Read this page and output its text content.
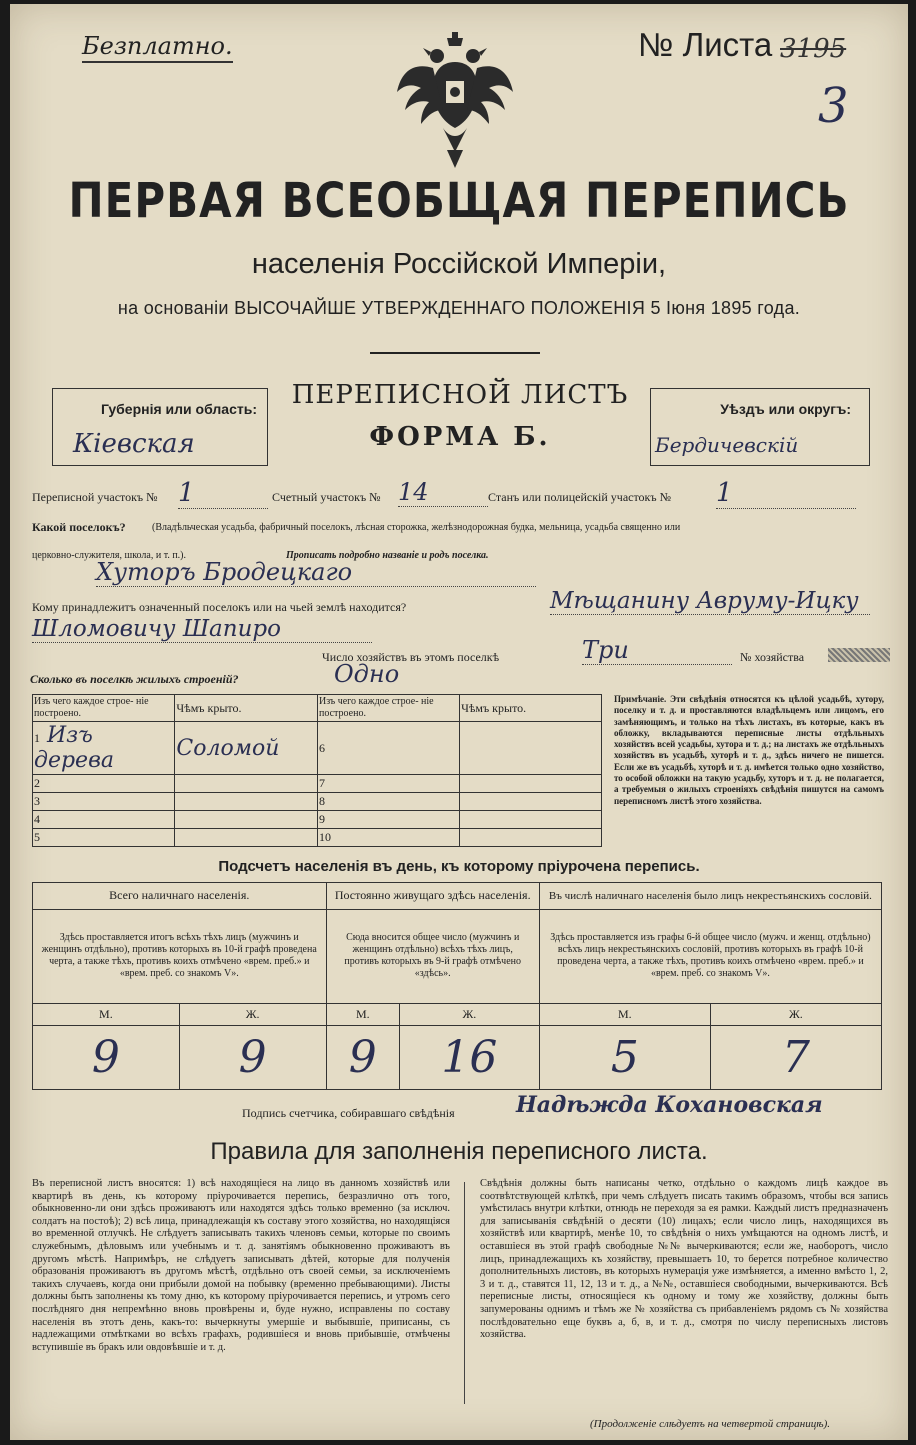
Безплатно.	№ Листа 3195
3
ПЕРВАЯ ВСЕОБЩАЯ ПЕРЕПИСЬ
населенія Россійской Имперіи,
на основаніи ВЫСОЧАЙШЕ УТВЕРЖДЕННАГО ПОЛОЖЕНІЯ 5 Іюня 1895 года.
Губернія или область:
Кіевская
ПЕРЕПИСНОЙ ЛИСТЪ
ФОРМА Б.
Уѣздъ или округъ:
Бердичевскій
Переписной участокъ № 1	Счетный участокъ № 14	Станъ или полицейскій участокъ № 1
Какой поселокъ?	(Владѣльческая усадьба, фабричный поселокъ, лѣсная сторожка, желѣзнодорожная будка, мельница, усадьба священно или
церковно-служителя, школа, и т. п.).	Прописать подробно названіе и родъ поселка.
Хуторъ Бродецкаго
Кому принадлежитъ означенный поселокъ или на чьей землѣ находится?	Мѣщанину Авруму-Ицку
Шломовичу Шапиро
Число хозяйствъ въ этомъ поселкѣ	Три	№ хозяйства
Сколько въ поселкѣ жилыхъ строеній?	Одно
Изъ чего каждое строе- ніе построено.	Чѣмъ крыто.	Изъ чего каждое строе- ніе построено.	Чѣмъ крыто.
1 Изъ дерева	Соломой	6	
2		7	
3		8	
4		9	
5		10	
Примѣчаніе. Эти свѣдѣнія относятся къ цѣлой усадьбѣ, хутору, поселку и т. д. и проставляются владѣльцемъ или лицомъ, его замѣняющимъ, и только на тѣхъ листахъ, въ которые, какъ въ обложку, вкладываются переписные листы отдѣльныхъ хозяйствъ всей усадьбы, хутора и т. д.; на листахъ же отдѣльныхъ хозяйствъ въ усадьбѣ, хуторѣ и т. д., здѣсь ничего не пишется. Если же въ усадьбѣ, хуторѣ и т. д. имѣется только одно хозяйство, то особой обложки на такую усадьбу, хуторъ и т. д. не полагается, а требуемыя о жилыхъ строеніяхъ свѣдѣнія пишутся на самомъ переписномъ листѣ этого хозяйства.
Подсчетъ населенія въ день, къ которому пріурочена перепись.
Всего наличнаго населенія.		Постоянно живущаго здѣсь населенія.		Въ числѣ наличнаго населенія было лицъ некрестьянскихъ сословій.	
Здѣсь проставляется итогъ всѣхъ тѣхъ лицъ (мужчинъ и женщинъ отдѣльно), противъ которыхъ въ 10-й графѣ проведена черта, а также тѣхъ, противъ коихъ отмѣчено «врем. преб.» и «врем. преб. со знакомъ V».		Сюда вносится общее число (мужчинъ и женщинъ отдѣльно) всѣхъ тѣхъ лицъ, противъ которыхъ въ 9-й графѣ отмѣчено «здѣсь».		Здѣсь проставляется изъ графы 6-й общее число (мужч. и женщ. отдѣльно) всѣхъ лицъ некрестьянскихъ сословій, противъ которыхъ въ графѣ 10-й проведена черта, а также тѣхъ, противъ коихъ отмѣчено «врем. преб.» и «врем. преб. со знакомъ V».	
М.	Ж.	М.	Ж.	М.	Ж.
9	9	9	16	5	7
Подпись счетчика, собиравшаго свѣдѣнія	Надѣжда Кохановская
Правила для заполненія переписного листа.
Въ переписной листъ вносятся: 1) всѣ находящіеся на лицо въ данномъ хозяйствѣ или квартирѣ въ день, къ которому пріурочивается перепись, безразлично отъ того, обыкновенно-ли они здѣсь проживаютъ или находятся здѣсь только временно (за исключ. солдатъ на постоѣ); 2) всѣ лица, принадлежащія къ составу этого хозяйства, но находящіяся во временной отлучкѣ. Не слѣдуетъ записывать такихъ членовъ семьи, которые по своимъ служебнымъ, дѣловымъ или учебнымъ и т. д. занятіямъ обыкновенно проживаютъ въ другомъ мѣстѣ. Напримѣръ, не слѣдуетъ записывать дѣтей, которые для полученія образованія проживаютъ въ другомъ мѣстѣ, отдѣльно отъ своей семьи, за исключеніемъ такихъ случаевъ, когда они прибыли домой на побывку (временно пребывающими). Листы должны быть заполнены къ тому дню, къ которому пріурочивается перепись, и утромъ сего послѣдняго дня непремѣнно вновь провѣрены и, буде нужно, исправлены по составу населенія въ этотъ день, какъ-то: вычеркнуты умершіе и выбывшіе, приписаны, съ надлежащими отмѣтками во всѣхъ графахъ, родившіеся и вновь прибывшіе, отмѣчены вступившіе въ бракъ или овдовѣвшіе и т. д.
Свѣдѣнія должны быть написаны четко, отдѣльно о каждомъ лицѣ каждое въ соотвѣтствующей клѣткѣ, при чемъ слѣдуетъ писать такимъ образомъ, чтобы вся запись умѣстилась внутри клѣтки, отнюдь не переходя за ея рамки. Каждый листъ предназначенъ для записыванія свѣдѣній о десяти (10) лицахъ; если число лицъ, находящихся въ хозяйствѣ или квартирѣ, менѣе 10, то свѣдѣнія о нихъ умѣщаются на одномъ листѣ, и оставшіеся въ этой графѣ свободные №№ вычеркиваются; если же, наоборотъ, число лицъ, принадлежащихъ къ хозяйству, превышаетъ 10, то берется потребное количество дополнительныхъ листовъ, въ которыхъ нумерація уже измѣняется, а именно вмѣсто 1, 2, 3 и т. д., ставятся 11, 12, 13 и т. д., а №№, оставшіеся свободными, вычеркиваются. Всѣ переписные листы, относящіеся къ одному и тому же хозяйству, должны быть запумерованы однимъ и тѣмъ же № хозяйства съ прибавленіемъ рядомъ съ № хозяйства послѣдовательно еще буквъ а, б, в, и т. д., смотря по числу переписныхъ листовъ хозяйства.
(Продолженіе слѣдуетъ на четвертой страницѣ).
